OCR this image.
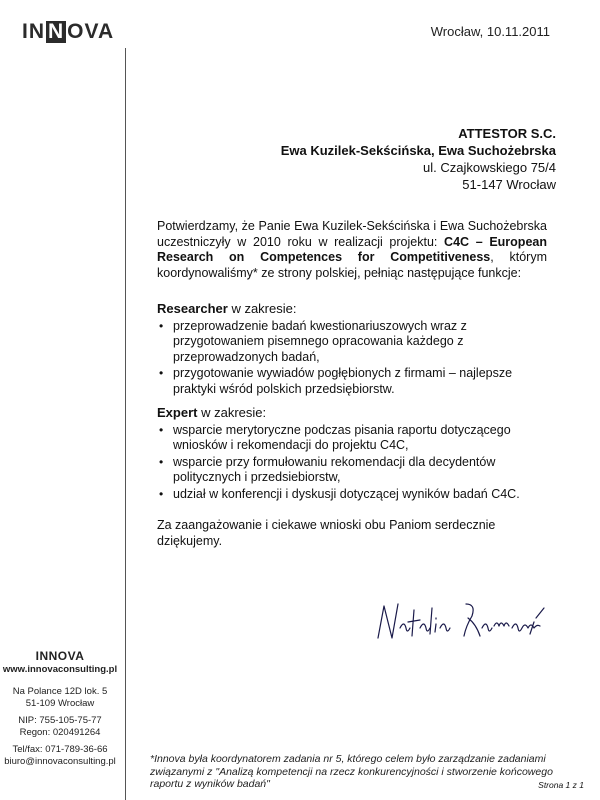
IN N OVA	Wrocław, 10.11.2011
ATTESTOR S.C.
Ewa Kuzilek-Sekścińska, Ewa Suchożebrska
ul. Czajkowskiego 75/4
51-147 Wrocław
Potwierdzamy, że Panie Ewa Kuzilek-Sekścińska i Ewa Suchożebrska uczestniczyły w 2010 roku w realizacji projektu: C4C – European Research on Competences for Competitiveness, którym koordynowaliśmy* ze strony polskiej, pełniąc następujące funkcje:
Researcher w zakresie:
• przeprowadzenie badań kwestionariuszowych wraz z przygotowaniem pisemnego opracowania każdego z przeprowadzonych badań,
• przygotowanie wywiadów pogłębionych z firmami – najlepsze praktyki wśród polskich przedsiębiorstw.
Expert w zakresie:
• wsparcie merytoryczne podczas pisania raportu dotyczącego wniosków i rekomendacji do projektu C4C,
• wsparcie przy formułowaniu rekomendacji dla decydentów politycznych i przedsiebiorstw,
• udział w konferencji i dyskusji dotyczącej wyników badań C4C.
Za zaangażowanie i ciekawe wnioski obu Paniom serdecznie dziękujemy.
INNOVA
www.innovaconsulting.pl
Na Polance 12D lok. 5
51-109 Wrocław
NIP: 755-105-75-77
Regon: 020491264
Tel/fax: 071-789-36-66
biuro@innovaconsulting.pl	*Innova była koordynatorem zadania nr 5, którego celem było zarządzanie zadaniami związanymi z "Analizą kompetencji na rzecz konkurencyjności i stworzenie końcowego raportu z wyników badań"	Strona 1 z 1
